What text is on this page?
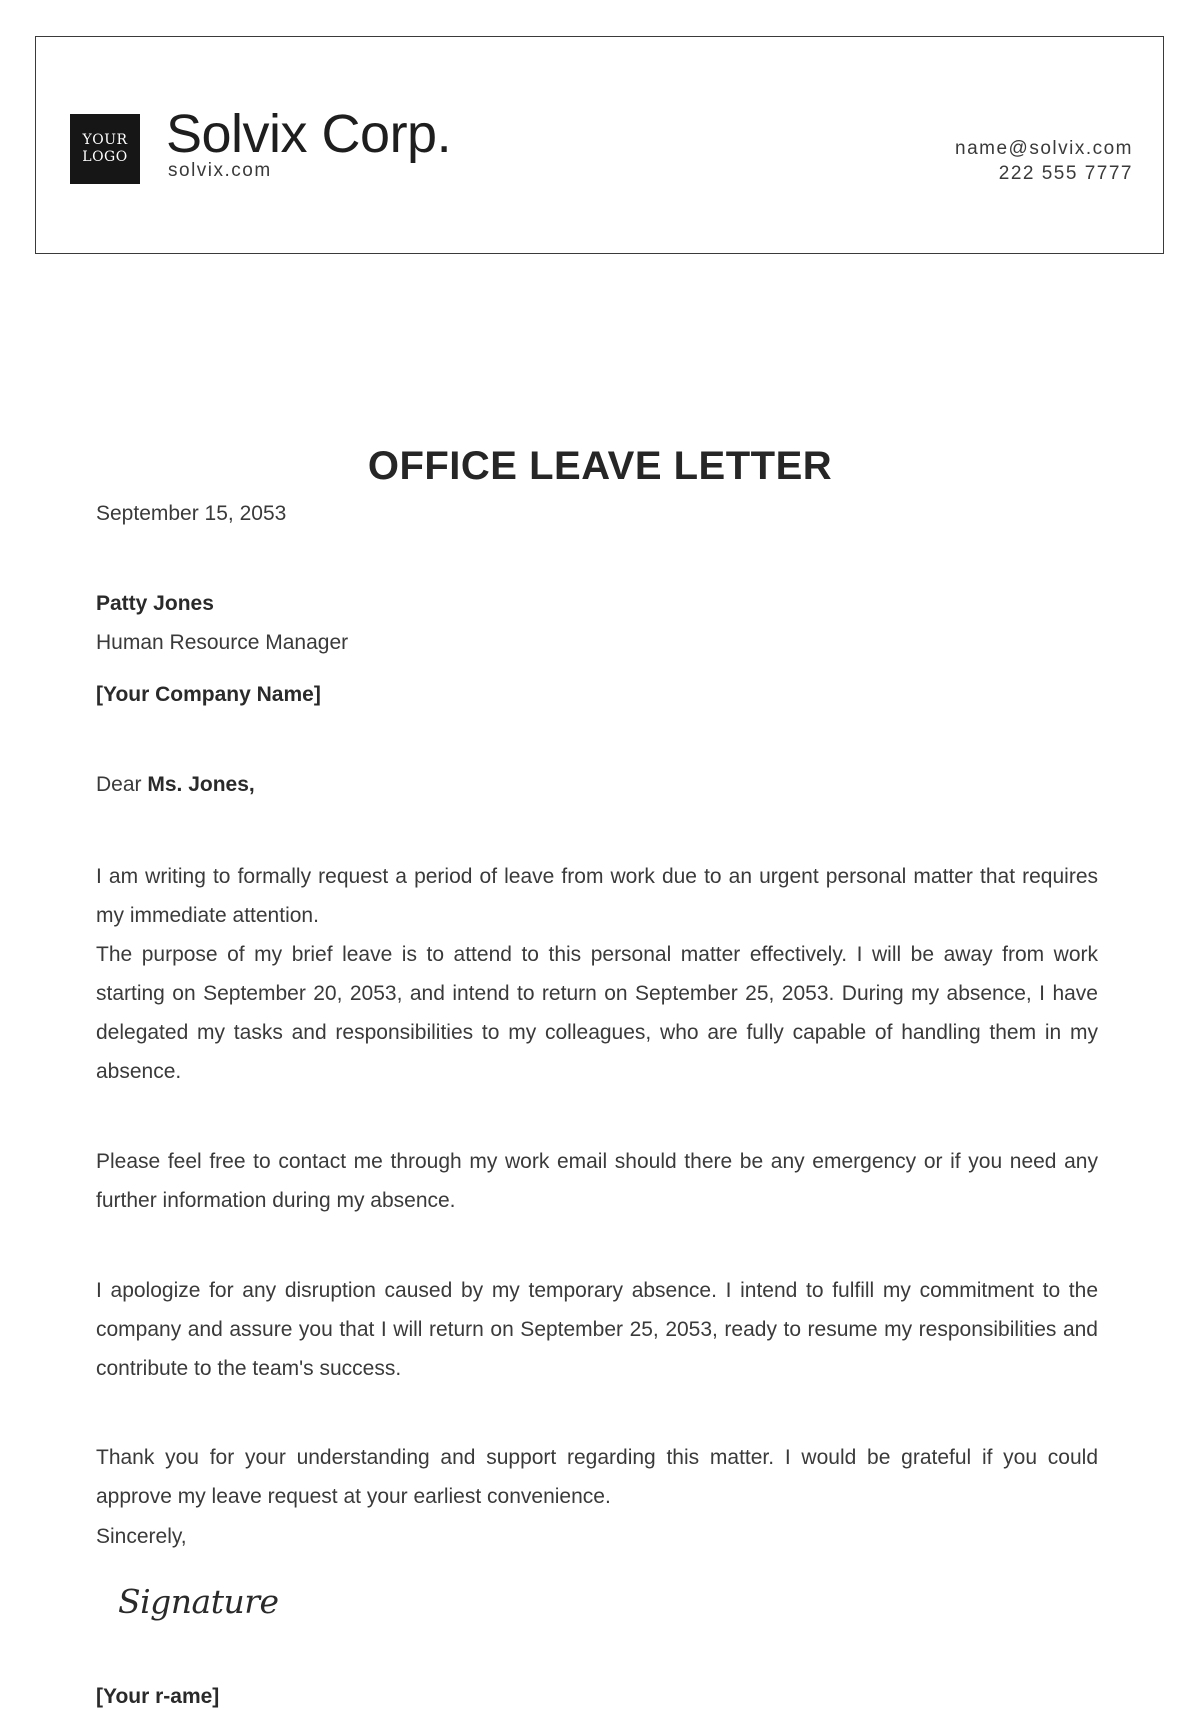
YOUR
LOGO Solvix Corp.
solvix.com
name@solvix.com
222 555 7777
OFFICE LEAVE LETTER
September 15, 2053
Patty Jones
Human Resource Manager
[Your Company Name]
Dear Ms. Jones,
I am writing to formally request a period of leave from work due to an urgent personal matter that requires my immediate attention.
The purpose of my brief leave is to attend to this personal matter effectively. I will be away from work starting on September 20, 2053, and intend to return on September 25, 2053. During my absence, I have delegated my tasks and responsibilities to my colleagues, who are fully capable of handling them in my absence.
Please feel free to contact me through my work email should there be any emergency or if you need any further information during my absence.
I apologize for any disruption caused by my temporary absence. I intend to fulfill my commitment to the company and assure you that I will return on September 25, 2053, ready to resume my responsibilities and contribute to the team's success.
Thank you for your understanding and support regarding this matter. I would be grateful if you could approve my leave request at your earliest convenience.
Sincerely,
Signature
[Your r-ame]
